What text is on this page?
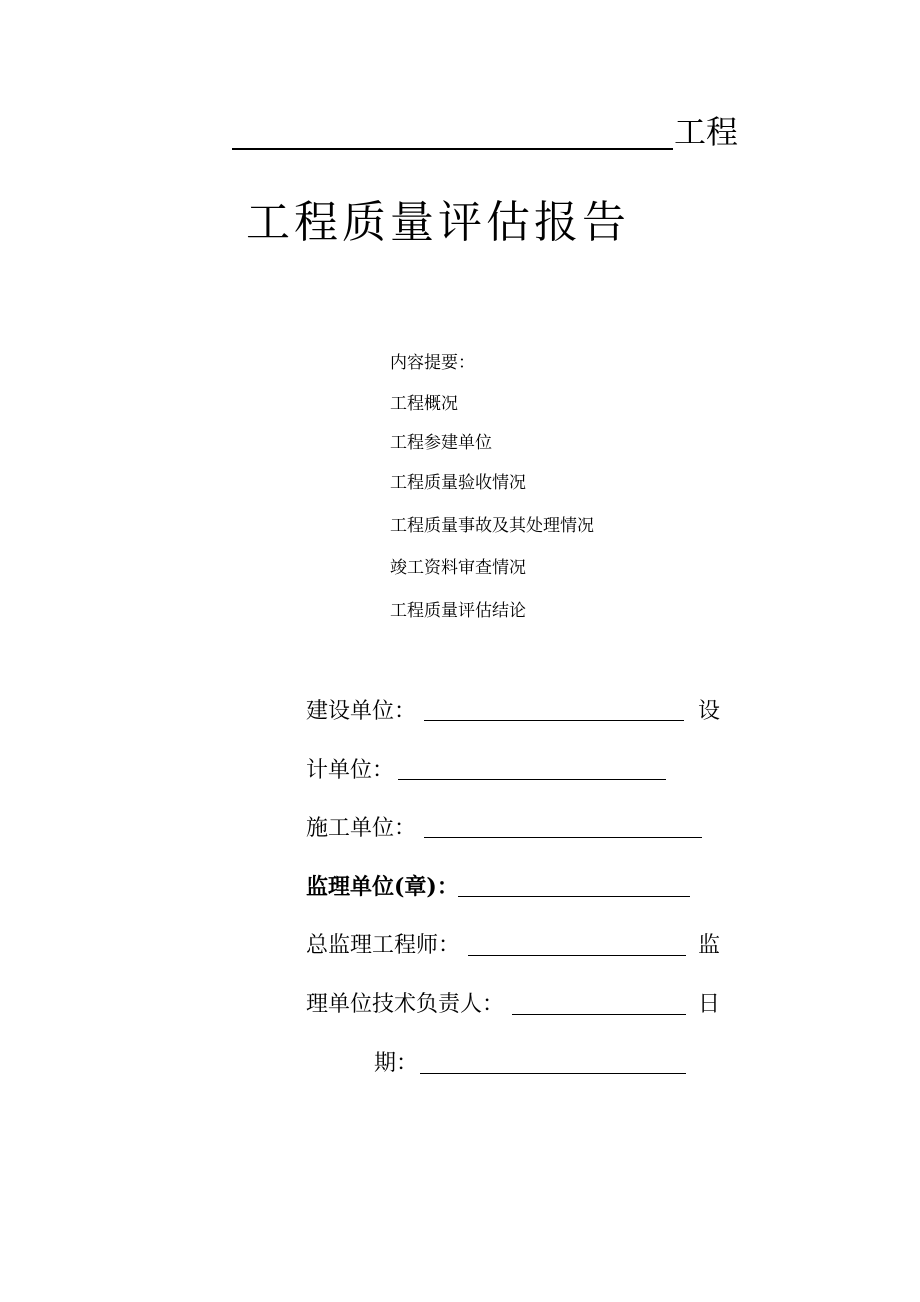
工程
工程质量评估报告
内容提要：
工程概况
工程参建单位
工程质量验收情况
工程质量事故及其处理情况
竣工资料审查情况
工程质量评估结论
建设单位：	设
计单位：
施工单位：
监理单位(章)：
总监理工程师：	监
理单位技术负责人：	日
期：
